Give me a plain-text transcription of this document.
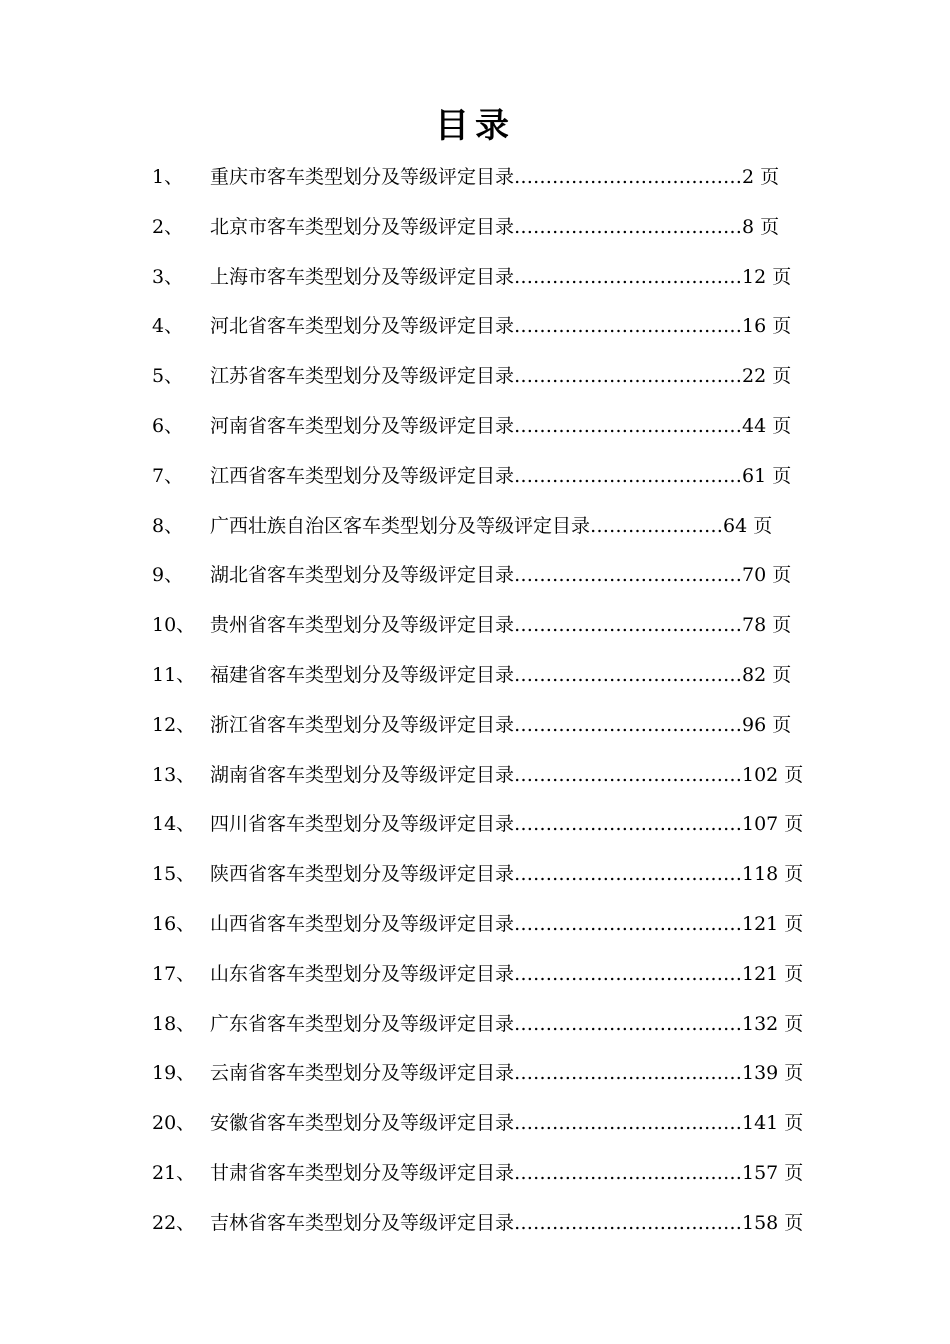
目录
1、 重庆市客车类型划分及等级评定目录………………………………2 页
2、 北京市客车类型划分及等级评定目录………………………………8 页
3、 上海市客车类型划分及等级评定目录………………………………12 页
4、 河北省客车类型划分及等级评定目录………………………………16 页
5、 江苏省客车类型划分及等级评定目录………………………………22 页
6、 河南省客车类型划分及等级评定目录………………………………44 页
7、 江西省客车类型划分及等级评定目录………………………………61 页
8、 广西壮族自治区客车类型划分及等级评定目录…………………64 页
9、 湖北省客车类型划分及等级评定目录………………………………70 页
10、 贵州省客车类型划分及等级评定目录………………………………78 页
11、 福建省客车类型划分及等级评定目录………………………………82 页
12、 浙江省客车类型划分及等级评定目录………………………………96 页
13、 湖南省客车类型划分及等级评定目录………………………………102 页
14、 四川省客车类型划分及等级评定目录………………………………107 页
15、 陕西省客车类型划分及等级评定目录………………………………118 页
16、 山西省客车类型划分及等级评定目录………………………………121 页
17、 山东省客车类型划分及等级评定目录………………………………121 页
18、 广东省客车类型划分及等级评定目录………………………………132 页
19、 云南省客车类型划分及等级评定目录………………………………139 页
20、 安徽省客车类型划分及等级评定目录………………………………141 页
21、 甘肃省客车类型划分及等级评定目录………………………………157 页
22、 吉林省客车类型划分及等级评定目录………………………………158 页
